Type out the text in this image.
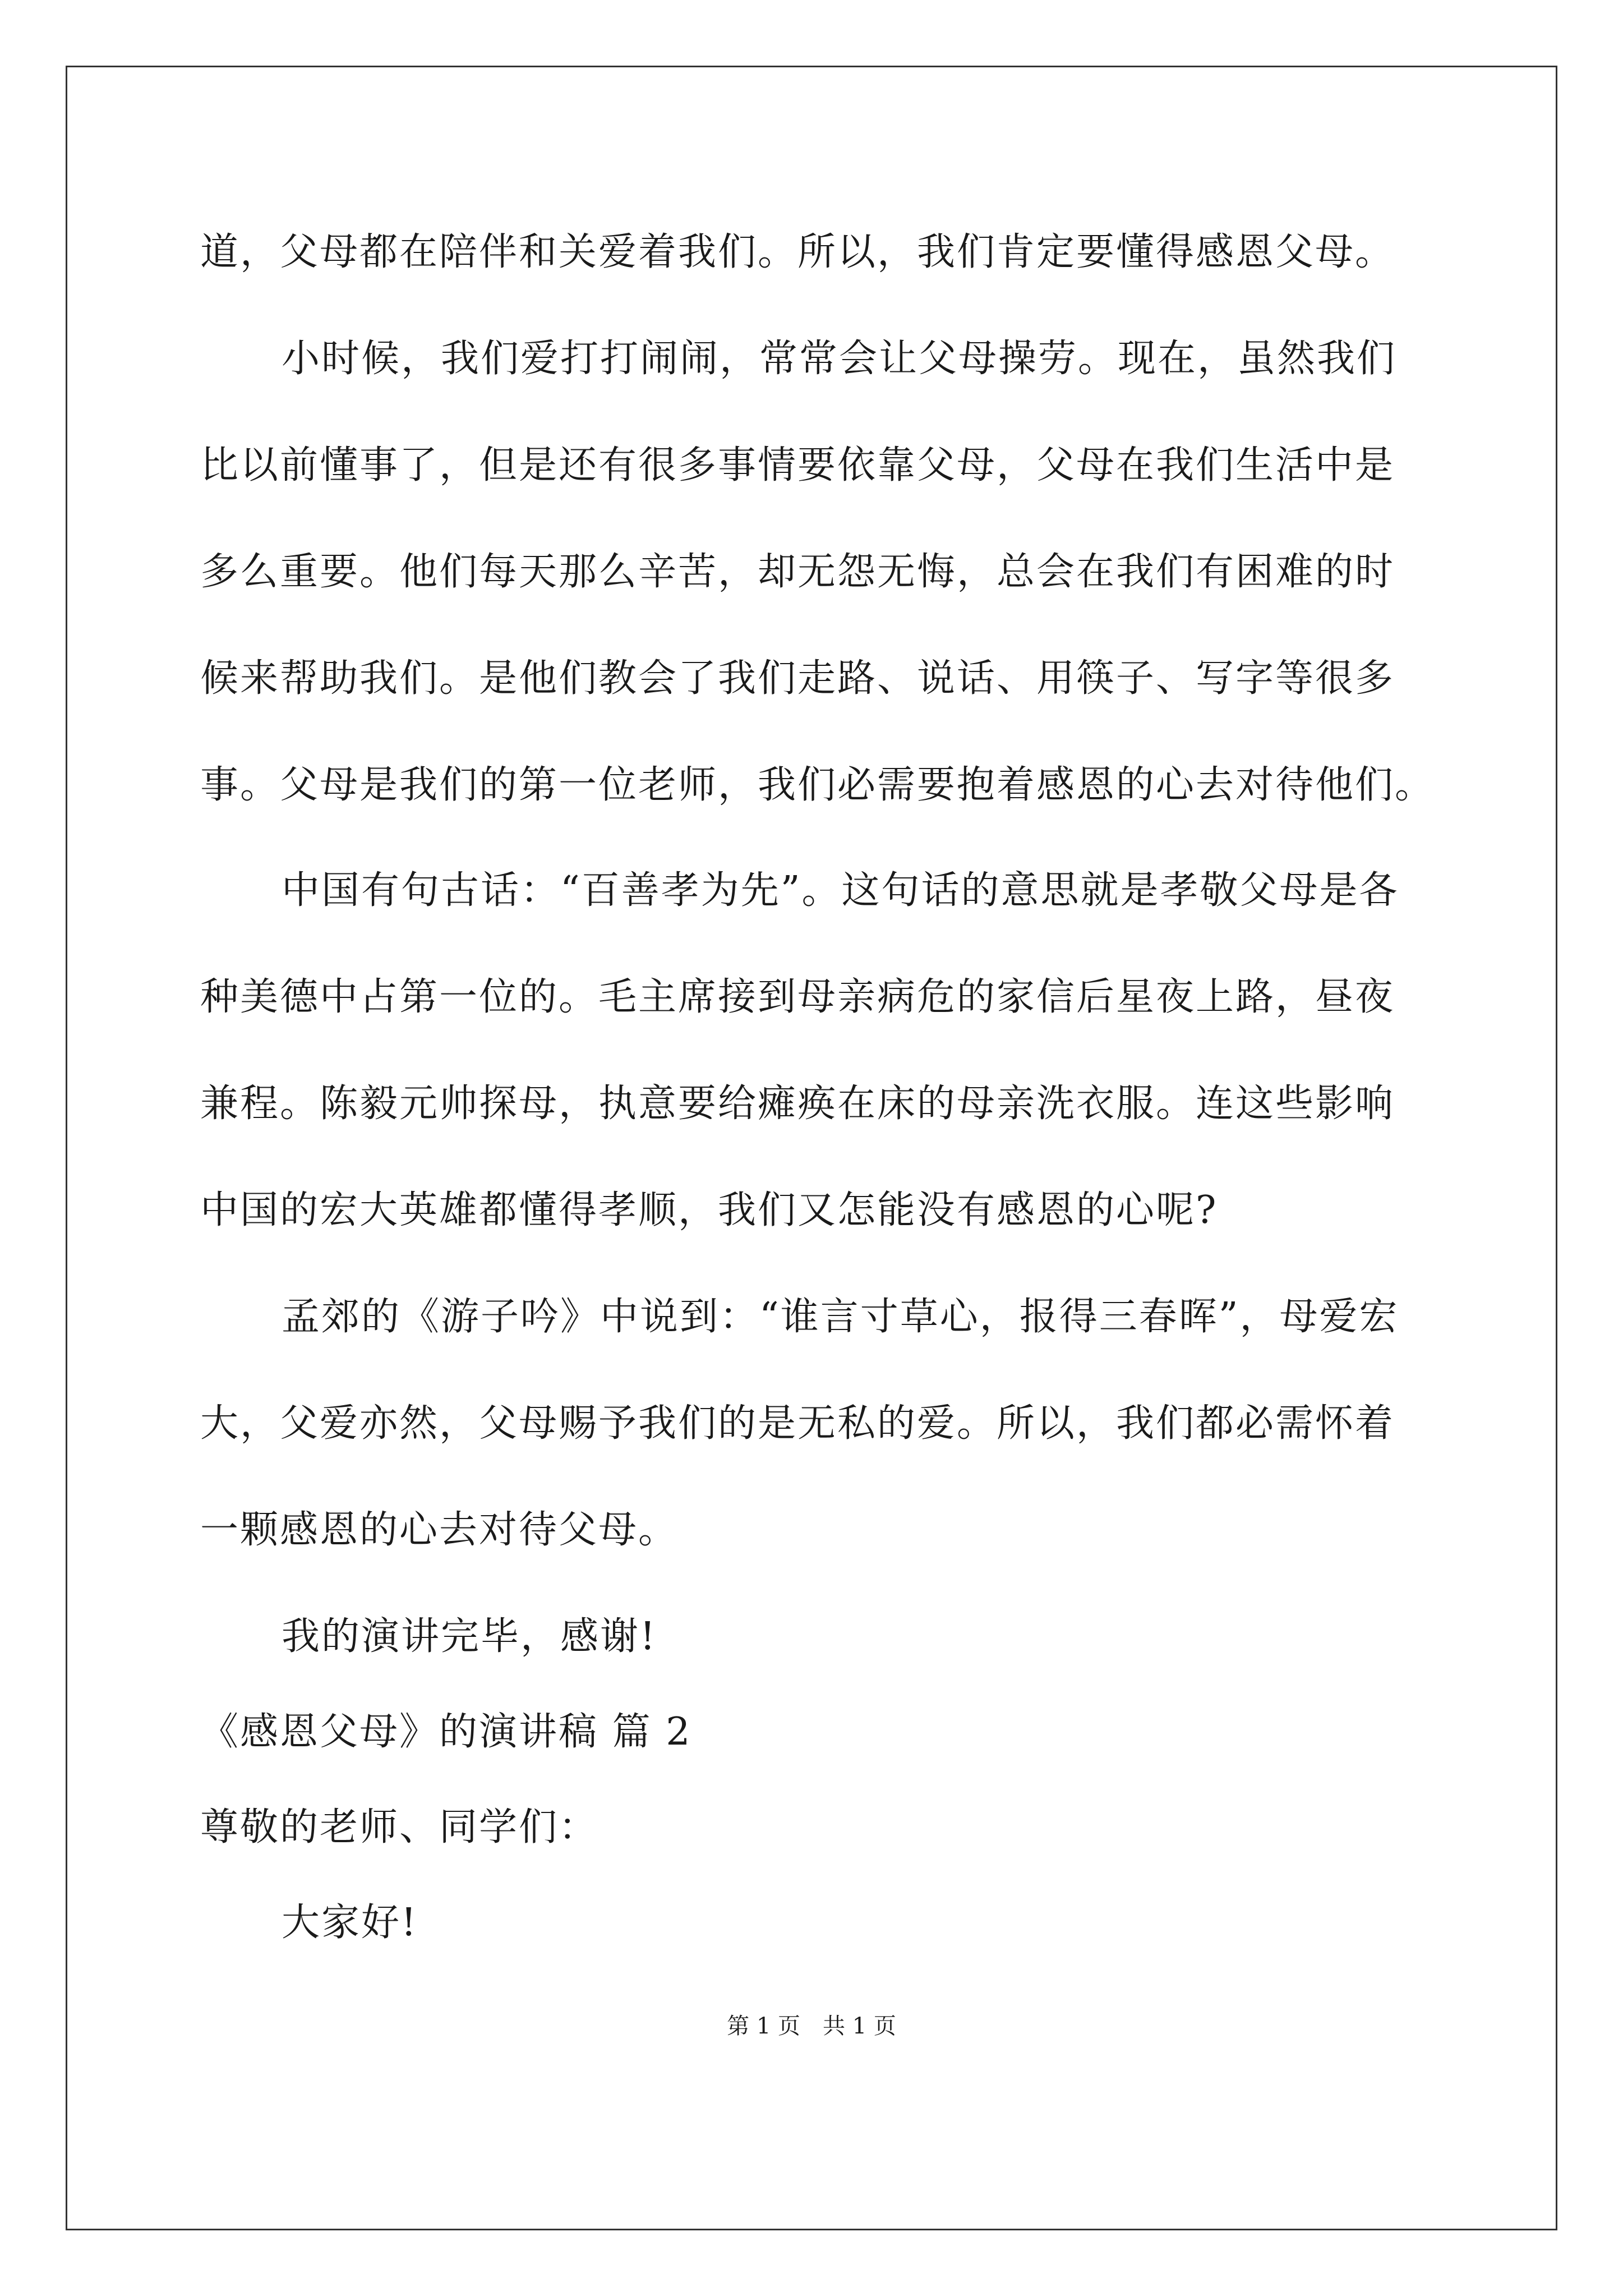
道，父母都在陪伴和关爱着我们。所以，我们肯定要懂得感恩父母。
小时候，我们爱打打闹闹，常常会让父母操劳。现在，虽然我们
比以前懂事了，但是还有很多事情要依靠父母，父母在我们生活中是
多么重要。他们每天那么辛苦，却无怨无悔，总会在我们有困难的时
候来帮助我们。是他们教会了我们走路、说话、用筷子、写字等很多
事。父母是我们的第一位老师，我们必需要抱着感恩的心去对待他们。
中国有句古话：“百善孝为先”。这句话的意思就是孝敬父母是各
种美德中占第一位的。毛主席接到母亲病危的家信后星夜上路，昼夜
兼程。陈毅元帅探母，执意要给瘫痪在床的母亲洗衣服。连这些影响
中国的宏大英雄都懂得孝顺，我们又怎能没有感恩的心呢?
孟郊的《游子吟》中说到：“谁言寸草心，报得三春晖”，母爱宏
大，父爱亦然，父母赐予我们的是无私的爱。所以，我们都必需怀着
一颗感恩的心去对待父母。
我的演讲完毕，感谢!
《感恩父母》的演讲稿 篇 2
尊敬的老师、同学们：
大家好!
第 1 页　共 1 页
